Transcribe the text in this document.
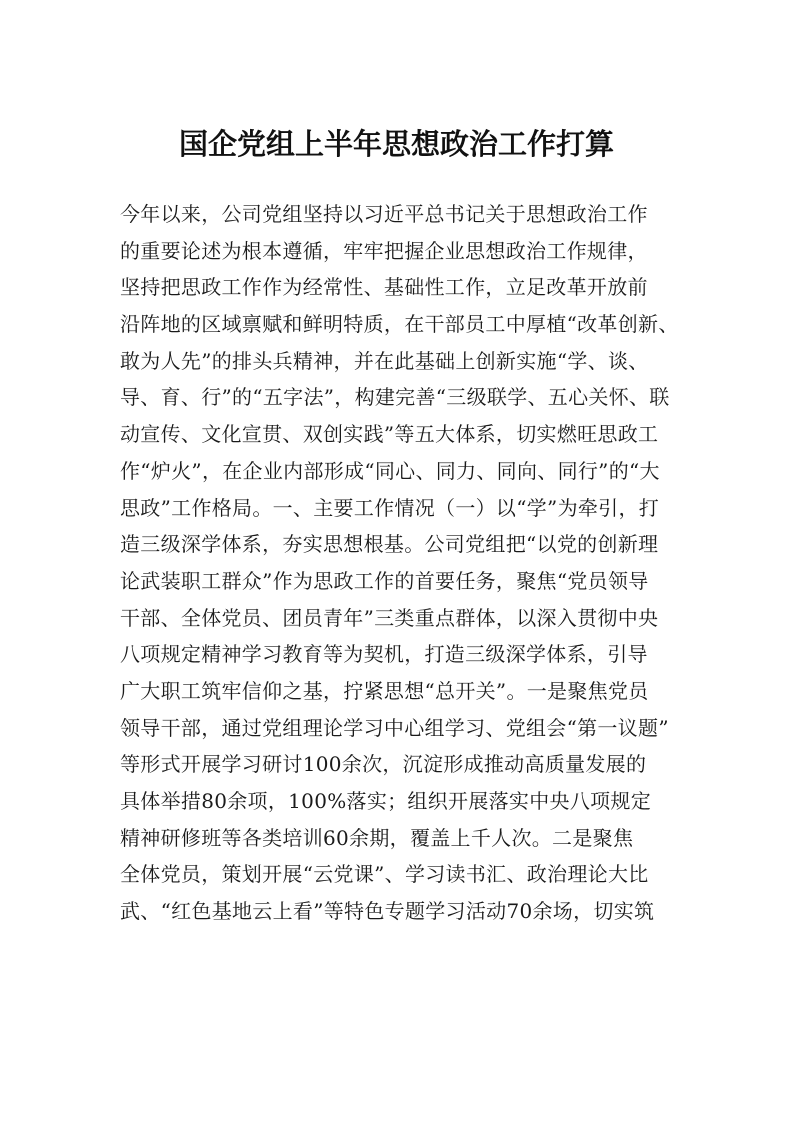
国企党组上半年思想政治工作打算
今年以来，公司党组坚持以习近平总书记关于思想政治工作
的重要论述为根本遵循，牢牢把握企业思想政治工作规律，
坚持把思政工作作为经常性、基础性工作，立足改革开放前
沿阵地的区域禀赋和鲜明特质，在干部员工中厚植“改革创新、
敢为人先”的排头兵精神，并在此基础上创新实施“学、谈、
导、育、行”的“五字法”，构建完善“三级联学、五心关怀、联
动宣传、文化宣贯、双创实践”等五大体系，切实燃旺思政工
作“炉火”，在企业内部形成“同心、同力、同向、同行”的“大
思政”工作格局。一、主要工作情况（一）以“学”为牵引，打
造三级深学体系，夯实思想根基。公司党组把“以党的创新理
论武装职工群众”作为思政工作的首要任务，聚焦“党员领导
干部、全体党员、团员青年”三类重点群体，以深入贯彻中央
八项规定精神学习教育等为契机，打造三级深学体系，引导
广大职工筑牢信仰之基，拧紧思想“总开关”。一是聚焦党员
领导干部，通过党组理论学习中心组学习、党组会“第一议题”
等形式开展学习研讨100余次，沉淀形成推动高质量发展的
具体举措80余项，100%落实；组织开展落实中央八项规定
精神研修班等各类培训60余期，覆盖上千人次。二是聚焦
全体党员，策划开展“云党课”、学习读书汇、政治理论大比
武、“红色基地云上看”等特色专题学习活动70余场，切实筑
